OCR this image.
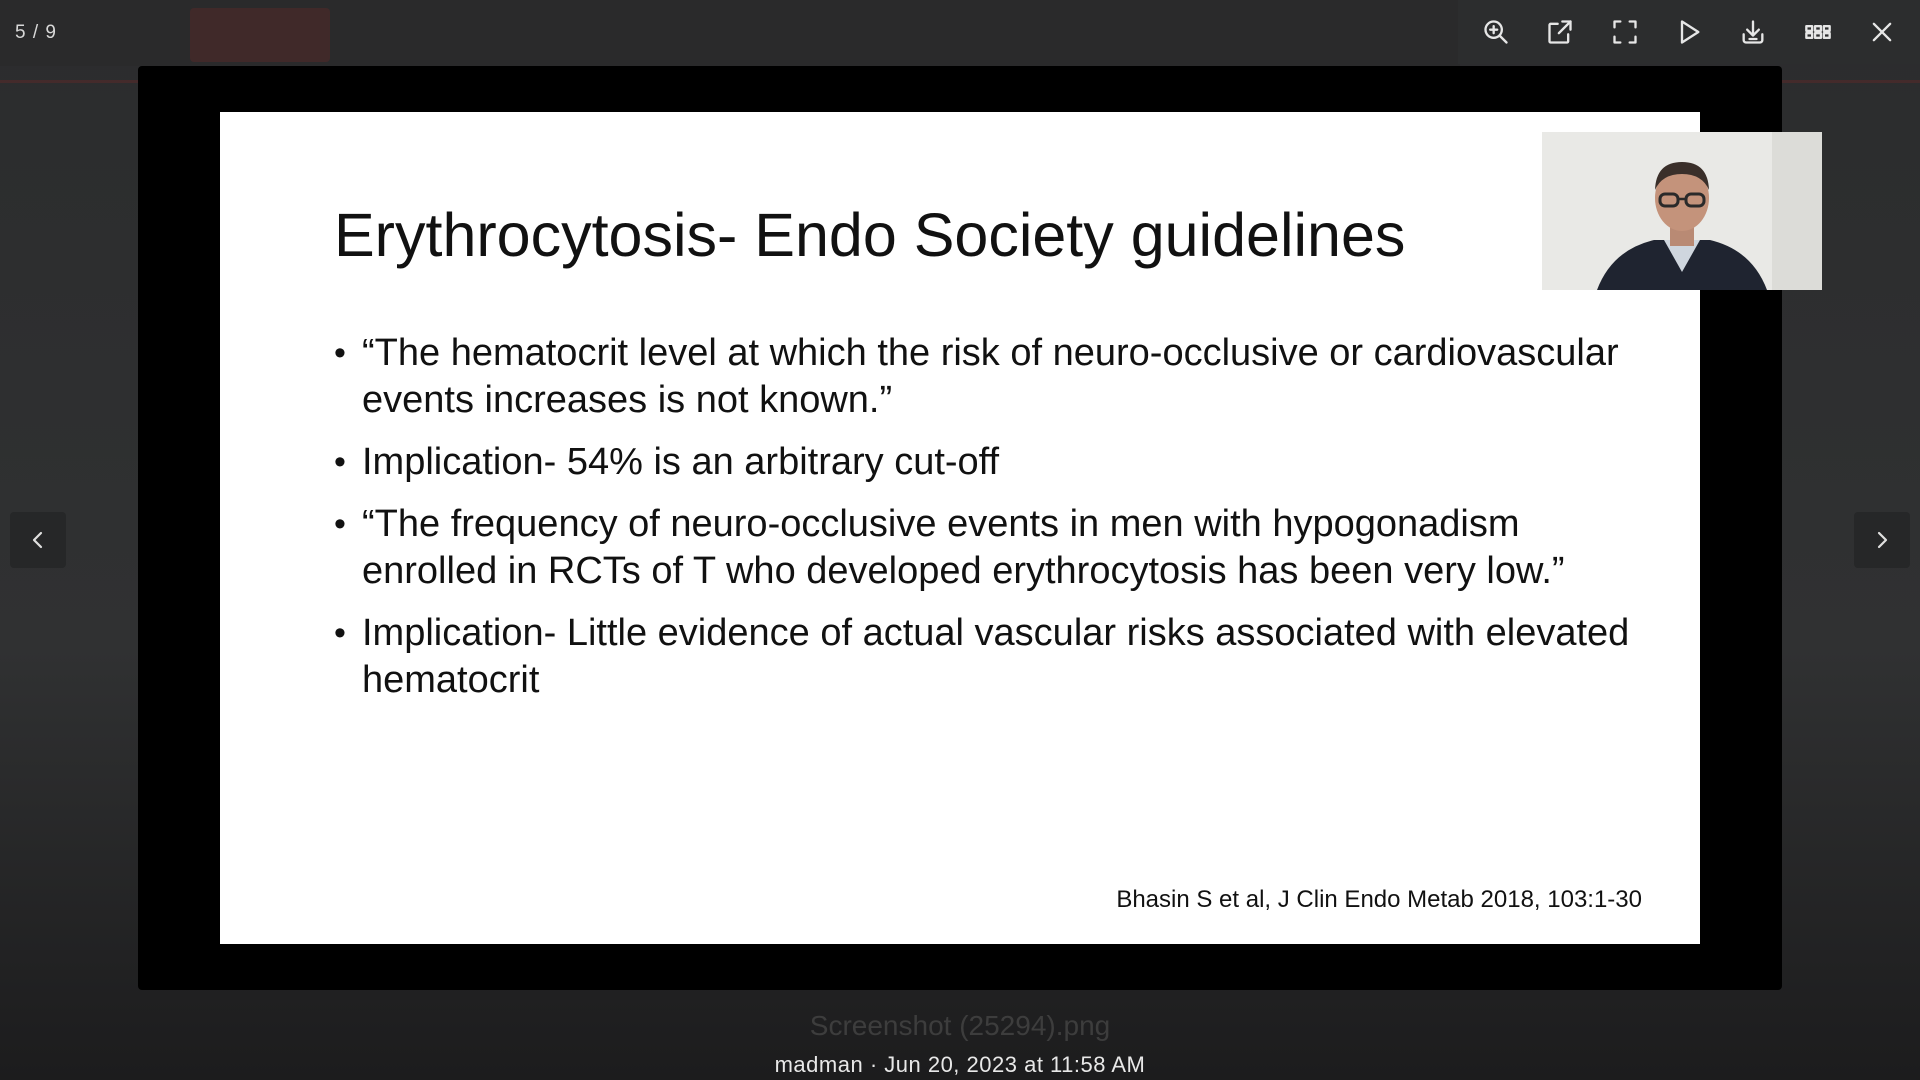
5 / 9
Erythrocytosis- Endo Society guidelines
• “The hematocrit level at which the risk of neuro-occlusive or cardiovascular events increases is not known.”
• Implication- 54% is an arbitrary cut-off
• “The frequency of neuro-occlusive events in men with hypogonadism enrolled in RCTs of T who developed erythrocytosis has been very low.”
• Implication- Little evidence of actual vascular risks associated with elevated hematocrit
Bhasin S et al, J Clin Endo Metab 2018, 103:1-30
Screenshot (25294).png
madman · Jun 20, 2023 at 11:58 AM
